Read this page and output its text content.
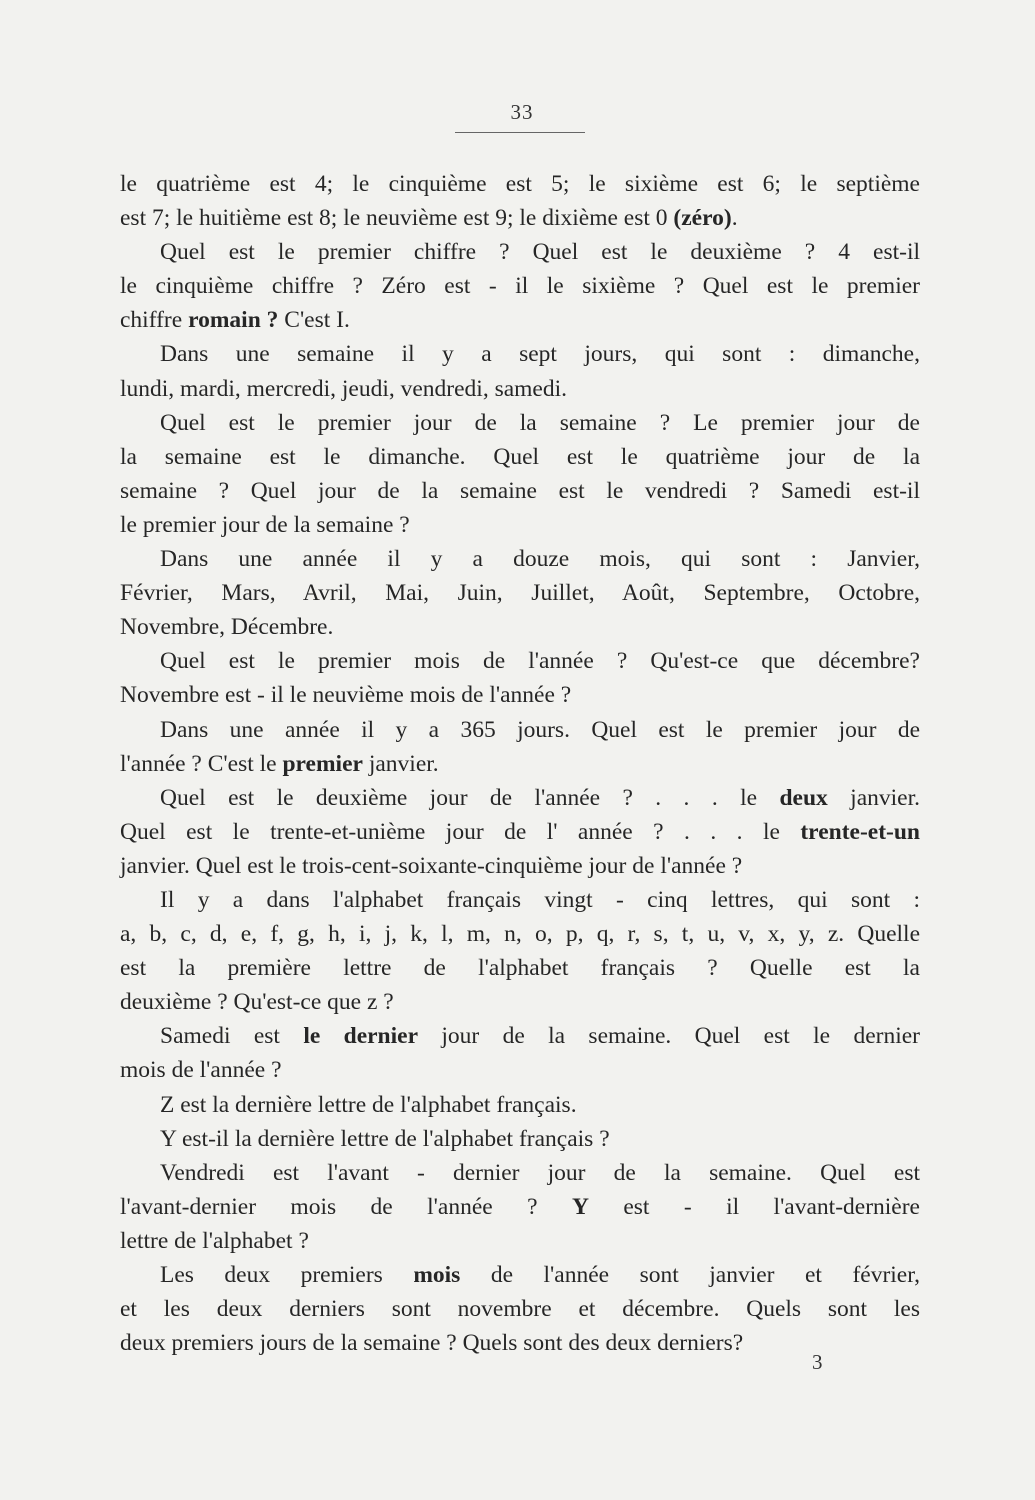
33
le quatrième est 4; le cinquième est 5; le sixième est 6; le septième
est 7; le huitième est 8; le neuvième est 9; le dixième est 0 (zéro).
Quel est le premier chiffre ? Quel est le deuxième ? 4 est-il
le cinquième chiffre ? Zéro est - il le sixième ? Quel est le premier
chiffre romain ? C'est I.
Dans une semaine il y a sept jours, qui sont : dimanche,
lundi, mardi, mercredi, jeudi, vendredi, samedi.
Quel est le premier jour de la semaine ? Le premier jour de
la semaine est le dimanche. Quel est le quatrième jour de la
semaine ? Quel jour de la semaine est le vendredi ? Samedi est-il
le premier jour de la semaine ?
Dans une année il y a douze mois, qui sont : Janvier,
Février, Mars, Avril, Mai, Juin, Juillet, Août, Septembre, Octobre,
Novembre, Décembre.
Quel est le premier mois de l'année ? Qu'est-ce que décembre?
Novembre est - il le neuvième mois de l'année ?
Dans une année il y a 365 jours. Quel est le premier jour de
l'année ? C'est le premier janvier.
Quel est le deuxième jour de l'année ? . . . le deux janvier.
Quel est le trente-et-unième jour de l' année ? . . . le trente-et-un
janvier. Quel est le trois-cent-soixante-cinquième jour de l'année ?
Il y a dans l'alphabet français vingt - cinq lettres, qui sont :
a, b, c, d, e, f, g, h, i, j, k, l, m, n, o, p, q, r, s, t, u, v, x, y, z. Quelle
est la première lettre de l'alphabet français ? Quelle est la
deuxième ? Qu'est-ce que z ?
Samedi est le dernier jour de la semaine. Quel est le dernier
mois de l'année ?
Z est la dernière lettre de l'alphabet français.
Y est-il la dernière lettre de l'alphabet français ?
Vendredi est l'avant - dernier jour de la semaine. Quel est
l'avant-dernier mois de l'année ? Y est - il l'avant-dernière
lettre de l'alphabet ?
Les deux premiers mois de l'année sont janvier et février,
et les deux derniers sont novembre et décembre. Quels sont les
deux premiers jours de la semaine ? Quels sont des deux derniers?
3
